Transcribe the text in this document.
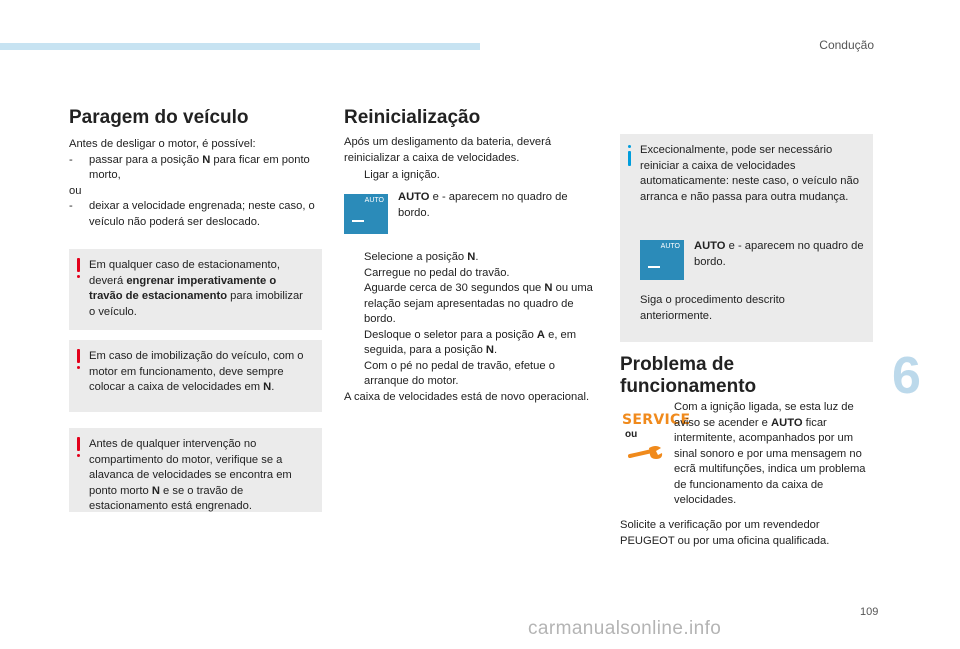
Condução
6
109
carmanualsonline.info
Paragem do veículo
Antes de desligar o motor, é possível:
- passar para a posição N para ficar em ponto morto,
ou
- deixar a velocidade engrenada; neste caso, o veículo não poderá ser deslocado.
Em qualquer caso de estacionamento, deverá engrenar imperativamente o travão de estacionamento para imobilizar o veículo.
Em caso de imobilização do veículo, com o motor em funcionamento, deve sempre colocar a caixa de velocidades em N.
Antes de qualquer intervenção no compartimento do motor, verifique se a alavanca de velocidades se encontra em ponto morto N e se o travão de estacionamento está engrenado.
Reinicialização
Após um desligamento da bateria, deverá reinicializar a caixa de velocidades.
Ligar a ignição.
AUTO AUTO e - aparecem no quadro de bordo.
Selecione a posição N.
Carregue no pedal do travão.
Aguarde cerca de 30 segundos que N ou uma relação sejam apresentadas no quadro de bordo.
Desloque o seletor para a posição A e, em seguida, para a posição N.
Com o pé no pedal de travão, efetue o arranque do motor.
A caixa de velocidades está de novo operacional.
Excecionalmente, pode ser necessário reiniciar a caixa de velocidades automaticamente: neste caso, o veículo não arranca e não passa para outra mudança.
AUTO AUTO e - aparecem no quadro de bordo.
Siga o procedimento descrito anteriormente.
Problema de funcionamento
SERVICE
ou
Com a ignição ligada, se esta luz de aviso se acender e AUTO ficar intermitente, acompanhados por um sinal sonoro e por uma mensagem no ecrã multifunções, indica um problema de funcionamento da caixa de velocidades.
Solicite a verificação por um revendedor PEUGEOT ou por uma oficina qualificada.
